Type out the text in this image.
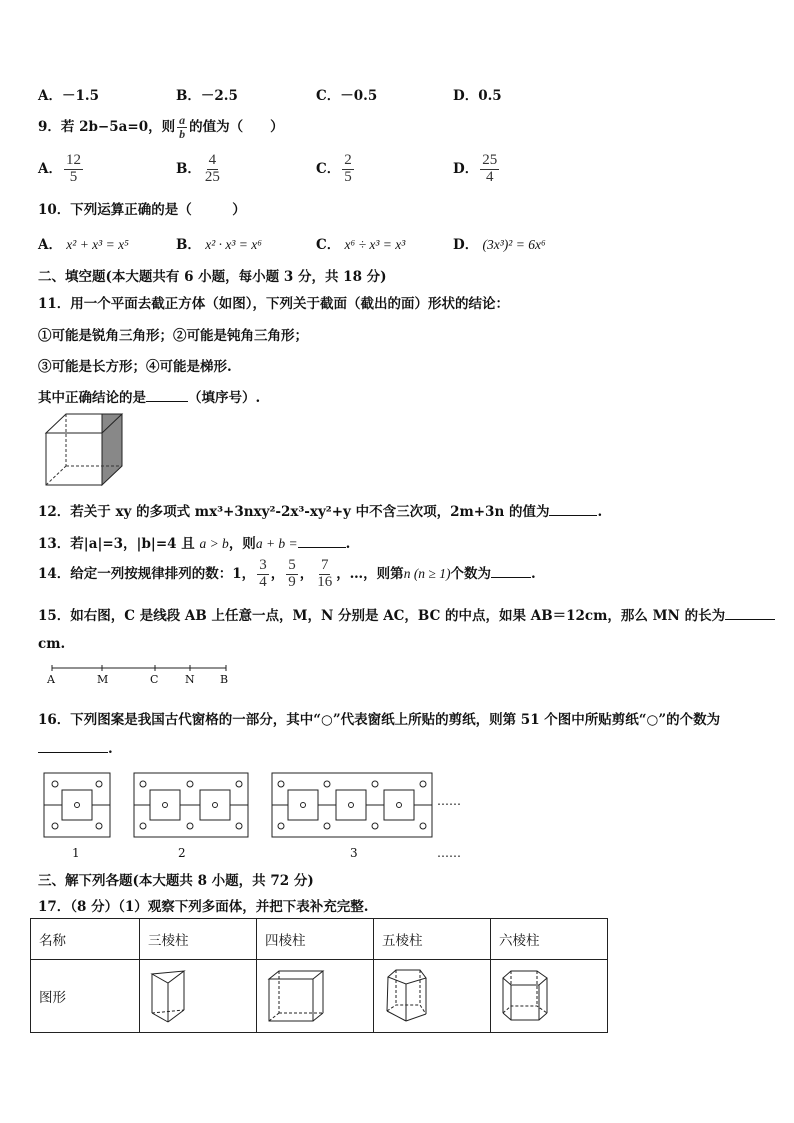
A．－1.5	B．－2.5	C．－0.5	D．0.5
9．若 2b−5a=0，则 $\frac{a}{b}$ 的值为（　　）
A． $\frac{12}{5}$	B． $\frac{4}{25}$	C． $\frac{2}{5}$	D． $\frac{25}{4}$
10．下列运算正确的是（　　　）
A． x² + x³ = x⁵	B． x² · x³ = x⁶	C． x⁶ ÷ x³ = x³	D． (3x³)² = 6x⁶
二、填空题(本大题共有 6 小题，每小题 3 分，共 18 分)
11．用一个平面去截正方体（如图），下列关于截面（截出的面）形状的结论：
①可能是锐角三角形；②可能是钝角三角形；
③可能是长方形；④可能是梯形.
其中正确结论的是	（填序号）.
12．若关于 xy 的多项式 mx³+3nxy²-2x³-xy²+y 中不含三次项，2m+3n 的值为	.
13．若|a|=3，|b|=4 且 a > b，则a + b =	.
14．给定一列按规律排列的数：1， $\frac{3}{4}$ ， $\frac{5}{9}$ ， $\frac{7}{16}$ ，…，则第n (n ≥ 1)个数为	.
15．如右图，C 是线段 AB 上任意一点，M，N 分别是 AC，BC 的中点，如果 AB＝12cm，那么 MN 的长为
cm.
A	M	C N B
16．下列图案是我国古代窗格的一部分，其中“○”代表窗纸上所贴的剪纸，则第 51 个图中所贴剪纸“○”的个数为
.
……
1	2	3	……
三、解下列各题(本大题共 8 小题，共 72 分)
17．（8 分）（1）观察下列多面体，并把下表补充完整.
名称	三棱柱	四棱柱	五棱柱	六棱柱
图形				
